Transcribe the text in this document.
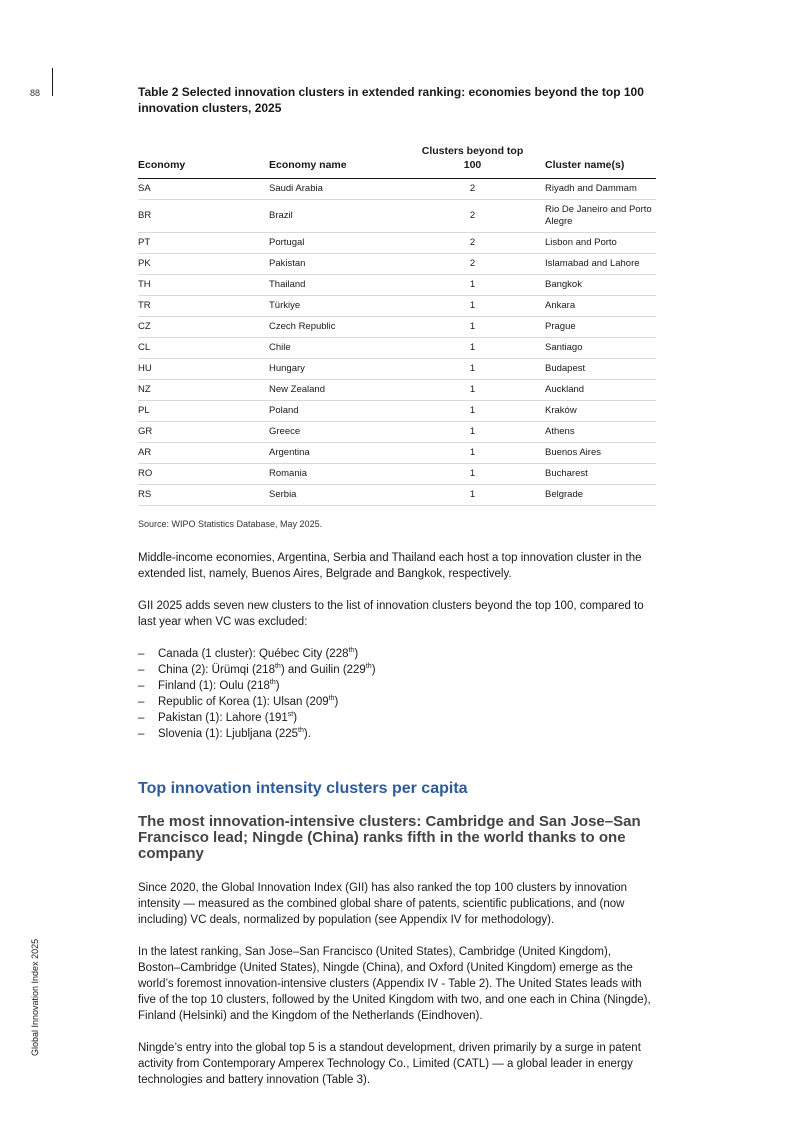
88
Global Innovation Index 2025
Table 2 Selected innovation clusters in extended ranking: economies beyond the top 100 innovation clusters, 2025
Economy	Economy name	Clusters beyond top 100	Cluster name(s)
SA	Saudi Arabia	2	Riyadh and Dammam
BR	Brazil	2	Rio De Janeiro and Porto Alegre
PT	Portugal	2	Lisbon and Porto
PK	Pakistan	2	Islamabad and Lahore
TH	Thailand	1	Bangkok
TR	Türkiye	1	Ankara
CZ	Czech Republic	1	Prague
CL	Chile	1	Santiago
HU	Hungary	1	Budapest
NZ	New Zealand	1	Auckland
PL	Poland	1	Kraków
GR	Greece	1	Athens
AR	Argentina	1	Buenos Aires
RO	Romania	1	Bucharest
RS	Serbia	1	Belgrade
Source: WIPO Statistics Database, May 2025.

Middle-income economies, Argentina, Serbia and Thailand each host a top innovation cluster in the extended list, namely, Buenos Aires, Belgrade and Bangkok, respectively.

GII 2025 adds seven new clusters to the list of innovation clusters beyond the top 100, compared to last year when VC was excluded:

– Canada (1 cluster): Québec City (228th)
– China (2): Ürümqi (218th) and Guilin (229th)
– Finland (1): Oulu (218th)
– Republic of Korea (1): Ulsan (209th)
– Pakistan (1): Lahore (191st)
– Slovenia (1): Ljubljana (225th).
Top innovation intensity clusters per capita
The most innovation-intensive clusters: Cambridge and San Jose–San Francisco lead; Ningde (China) ranks fifth in the world thanks to one company

Since 2020, the Global Innovation Index (GII) has also ranked the top 100 clusters by innovation intensity — measured as the combined global share of patents, scientific publications, and (now including) VC deals, normalized by population (see Appendix IV for methodology).

In the latest ranking, San Jose–San Francisco (United States), Cambridge (United Kingdom), Boston–Cambridge (United States), Ningde (China), and Oxford (United Kingdom) emerge as the world’s foremost innovation-intensive clusters (Appendix IV - Table 2). The United States leads with five of the top 10 clusters, followed by the United Kingdom with two, and one each in China (Ningde), Finland (Helsinki) and the Kingdom of the Netherlands (Eindhoven).

Ningde’s entry into the global top 5 is a standout development, driven primarily by a surge in patent activity from Contemporary Amperex Technology Co., Limited (CATL) — a global leader in energy technologies and battery innovation (Table 3).
